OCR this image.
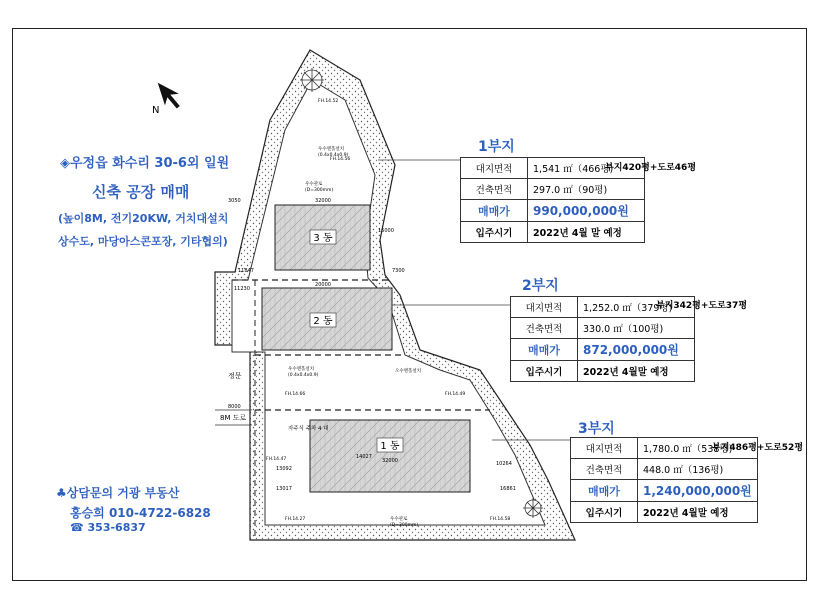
N
3 동
2 동
1 동
32000
20000
32000
3050
16000
11847
11230
13092
13017
8000
7300
16861
10264
14027
우수맨홀설치
(0.4x0.4x0.9)
우수관로
(D=300mm)
우수맨홀설치
(0.4x0.4x0.9)
우수관로
(D=300mm)
FH.14.56
FH.14.66
FH.14.47
FH.14.27	FH.14.58
오수맨홀설치
FH.14.49
FH.14.52
자주식 주차 4 대
정문
8M 도로
◈우정읍 화수리 30-6외 일원
신축 공장 매매
(높이8M, 전기20KW, 거치대설치
상수도, 마당아스콘포장, 기타협의)
♣상담문의 거광 부동산
홍승희 010-4722-6828
☎ 353-6837
1부지
대지면적	1,541 ㎡（466평)
건축면적	297.0 ㎡（90평)
매매가	990,000,000원
입주시기	2022년 4월 말 예정
부지420평+도로46평
2부지
대지면적	1,252.0 ㎡（379평)
건축면적	330.0 ㎡（100평)
매매가	872,000,000원
입주시기	2022년 4월말 예정
부지342평+도로37평
3부지
대지면적	1,780.0 ㎡（538평)
건축면적	448.0 ㎡（136평)
매매가	1,240,000,000원
입주시기	2022년 4월말 예정
부지486평+도로52평
